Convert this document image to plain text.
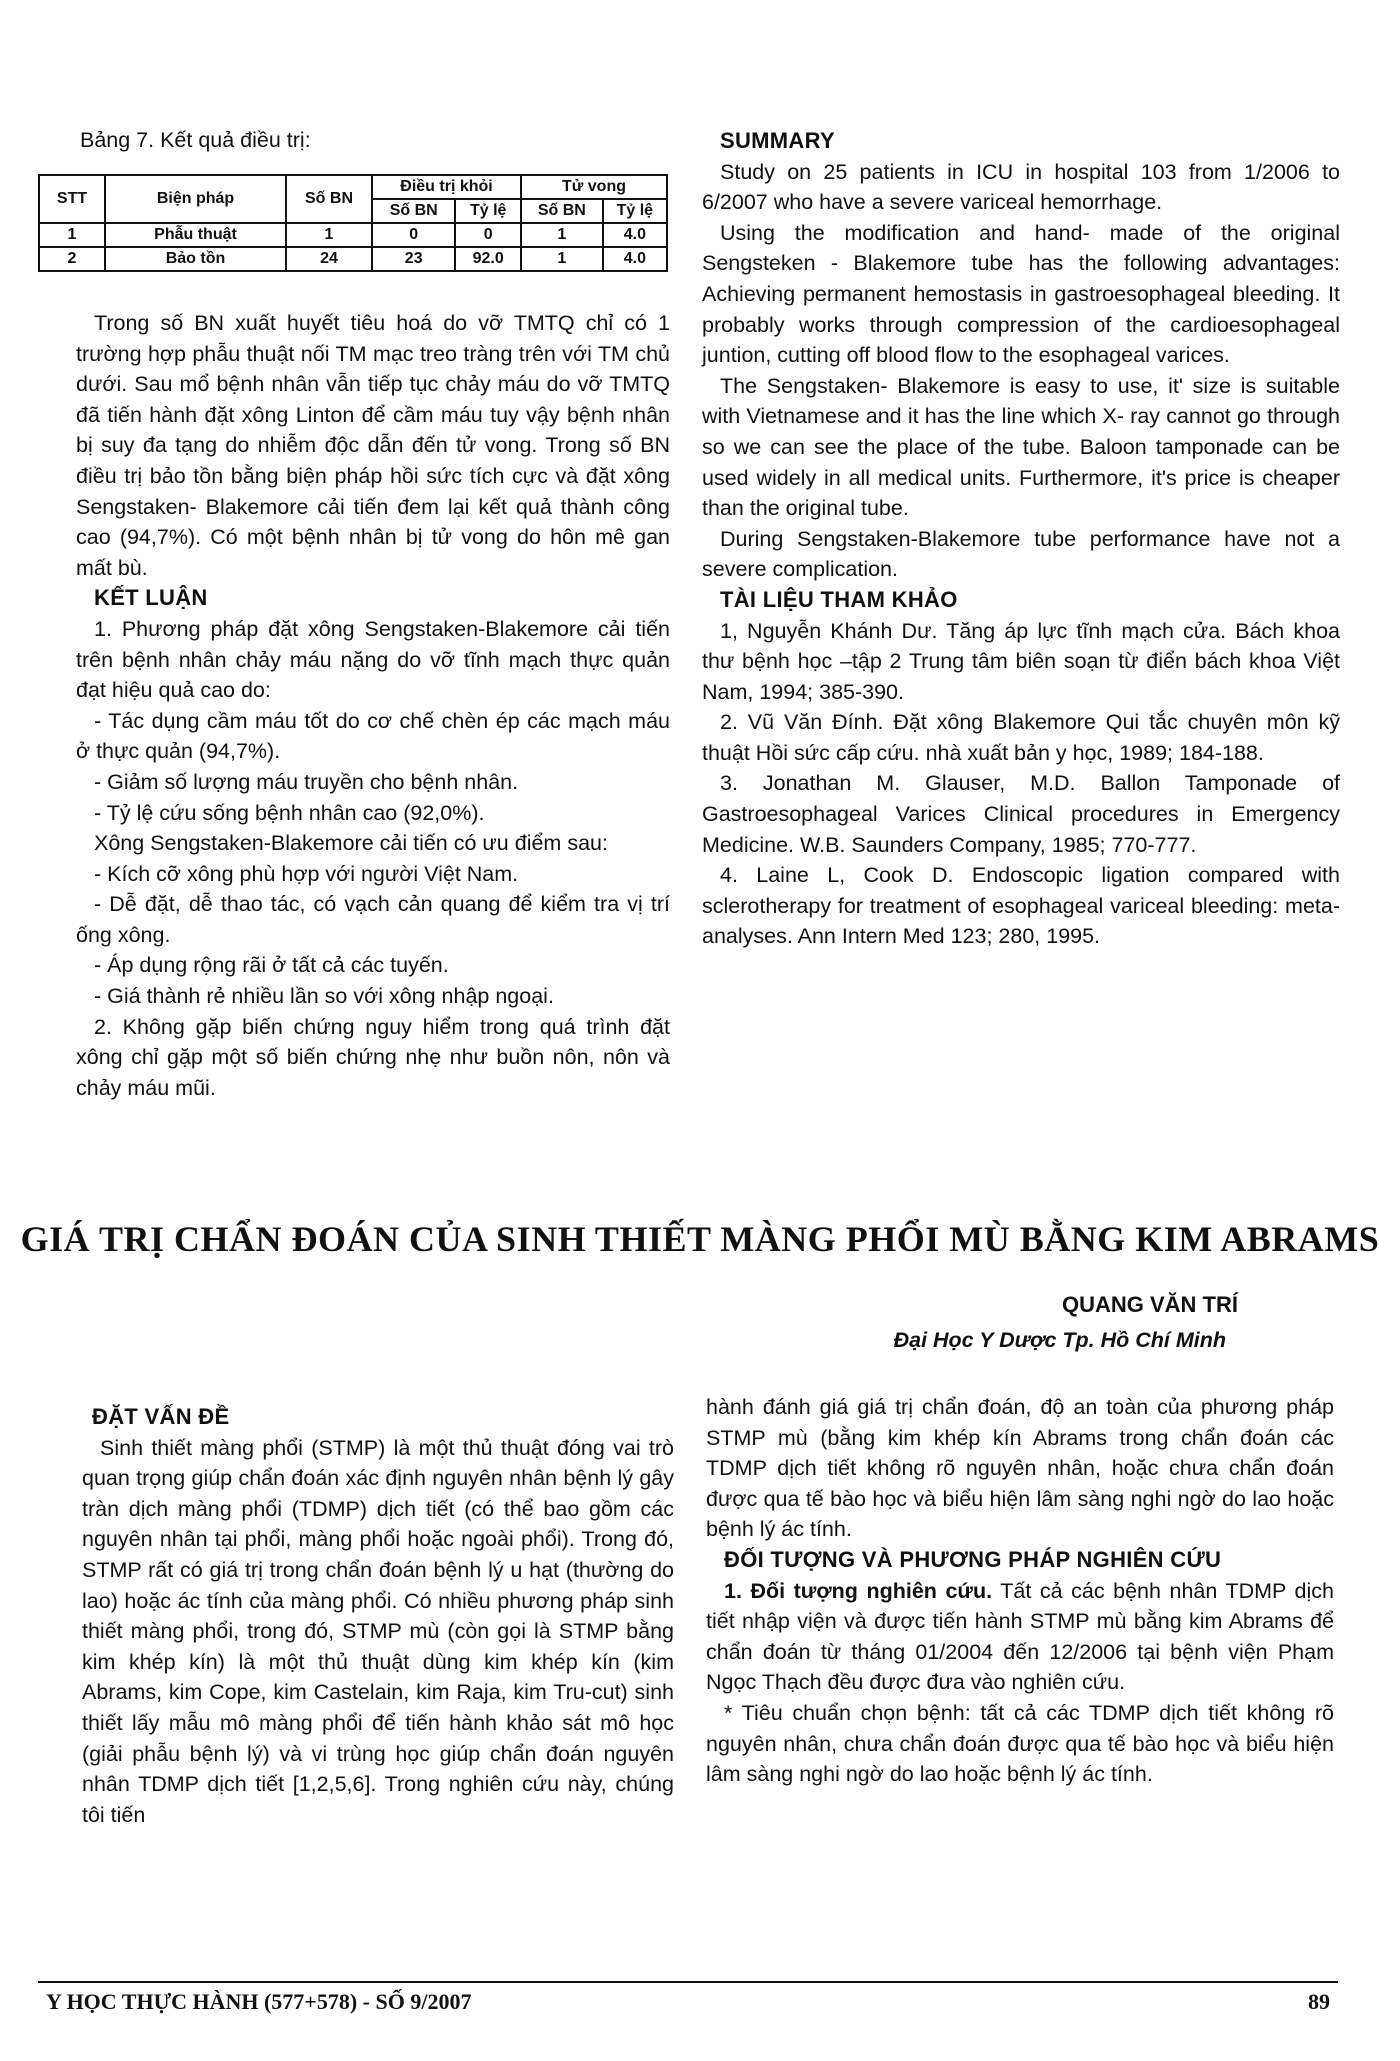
Bảng 7. Kết quả điều trị:
STT	Biện pháp	Số BN	Điều trị khỏi		Tử vong	
			Số BN	Tỷ lệ	Số BN	Tỷ lệ
1	Phẫu thuật	1	0	0	1	4.0
2	Bảo tồn	24	23	92.0	1	4.0

Trong số BN xuất huyết tiêu hoá do vỡ TMTQ chỉ có 1 trường hợp phẫu thuật nối TM mạc treo tràng trên với TM chủ dưới. Sau mổ bệnh nhân vẫn tiếp tục chảy máu do vỡ TMTQ đã tiến hành đặt xông Linton để cầm máu tuy vậy bệnh nhân bị suy đa tạng do nhiễm độc dẫn đến tử vong. Trong số BN điều trị bảo tồn bằng biện pháp hồi sức tích cực và đặt xông Sengstaken- Blakemore cải tiến đem lại kết quả thành công cao (94,7%). Có một bệnh nhân bị tử vong do hôn mê gan mất bù.

KẾT LUẬN

1. Phương pháp đặt xông Sengstaken-Blakemore cải tiến trên bệnh nhân chảy máu nặng do vỡ tĩnh mạch thực quản đạt hiệu quả cao do:

- Tác dụng cầm máu tốt do cơ chế chèn ép các mạch máu ở thực quản (94,7%).

- Giảm số lượng máu truyền cho bệnh nhân.

- Tỷ lệ cứu sống bệnh nhân cao (92,0%).

Xông Sengstaken-Blakemore cải tiến có ưu điểm sau:

- Kích cỡ xông phù hợp với người Việt Nam.

- Dễ đặt, dễ thao tác, có vạch cản quang để kiểm tra vị trí ống xông.

- Áp dụng rộng rãi ở tất cả các tuyến.

- Giá thành rẻ nhiều lần so với xông nhập ngoại.

2. Không gặp biến chứng nguy hiểm trong quá trình đặt xông chỉ gặp một số biến chứng nhẹ như buồn nôn, nôn và chảy máu mũi.

SUMMARY

Study on 25 patients in ICU in hospital 103 from 1/2006 to 6/2007 who have a severe variceal hemorrhage.

Using the modification and hand- made of the original Sengsteken - Blakemore tube has the following advantages: Achieving permanent hemostasis in gastroesophageal bleeding. It probably works through compression of the cardioesophageal juntion, cutting off blood flow to the esophageal varices.

The Sengstaken- Blakemore is easy to use, it' size is suitable with Vietnamese and it has the line which X- ray cannot go through so we can see the place of the tube. Baloon tamponade can be used widely in all medical units. Furthermore, it's price is cheaper than the original tube.

During Sengstaken-Blakemore tube performance have not a severe complication.

TÀI LIỆU THAM KHẢO

1, Nguyễn Khánh Dư. Tăng áp lực tĩnh mạch cửa. Bách khoa thư bệnh học –tập 2 Trung tâm biên soạn từ điển bách khoa Việt Nam, 1994; 385-390.

2. Vũ Văn Đính. Đặt xông Blakemore Qui tắc chuyên môn kỹ thuật Hồi sức cấp cứu. nhà xuất bản y học, 1989; 184-188.

3. Jonathan M. Glauser, M.D. Ballon Tamponade of Gastroesophageal Varices Clinical procedures in Emergency Medicine. W.B. Saunders Company, 1985; 770-777.

4. Laine L, Cook D. Endoscopic ligation compared with sclerotherapy for treatment of esophageal variceal bleeding: meta-analyses. Ann Intern Med 123; 280, 1995.

GIÁ TRỊ CHẨN ĐOÁN CỦA SINH THIẾT MÀNG PHỔI MÙ BẰNG KIM ABRAMS
QUANG VĂN TRÍ
Đại Học Y Dược Tp. Hồ Chí Minh

ĐẶT VẤN ĐỀ

Sinh thiết màng phổi (STMP) là một thủ thuật đóng vai trò quan trọng giúp chẩn đoán xác định nguyên nhân bệnh lý gây tràn dịch màng phổi (TDMP) dịch tiết (có thể bao gồm các nguyên nhân tại phổi, màng phổi hoặc ngoài phổi). Trong đó, STMP rất có giá trị trong chẩn đoán bệnh lý u hạt (thường do lao) hoặc ác tính của màng phổi. Có nhiều phương pháp sinh thiết màng phổi, trong đó, STMP mù (còn gọi là STMP bằng kim khép kín) là một thủ thuật dùng kim khép kín (kim Abrams, kim Cope, kim Castelain, kim Raja, kim Tru-cut) sinh thiết lấy mẫu mô màng phổi để tiến hành khảo sát mô học (giải phẫu bệnh lý) và vi trùng học giúp chẩn đoán nguyên nhân TDMP dịch tiết [1,2,5,6]. Trong nghiên cứu này, chúng tôi tiến

hành đánh giá giá trị chẩn đoán, độ an toàn của phương pháp STMP mù (bằng kim khép kín Abrams trong chẩn đoán các TDMP dịch tiết không rõ nguyên nhân, hoặc chưa chẩn đoán được qua tế bào học và biểu hiện lâm sàng nghi ngờ do lao hoặc bệnh lý ác tính.

ĐỐI TƯỢNG VÀ PHƯƠNG PHÁP NGHIÊN CỨU

1. Đối tượng nghiên cứu. Tất cả các bệnh nhân TDMP dịch tiết nhập viện và được tiến hành STMP mù bằng kim Abrams để chẩn đoán từ tháng 01/2004 đến 12/2006 tại bệnh viện Phạm Ngọc Thạch đều được đưa vào nghiên cứu.

* Tiêu chuẩn chọn bệnh: tất cả các TDMP dịch tiết không rõ nguyên nhân, chưa chẩn đoán được qua tế bào học và biểu hiện lâm sàng nghi ngờ do lao hoặc bệnh lý ác tính.

Y HỌC THỰC HÀNH (577+578) - SỐ 9/2007	89
